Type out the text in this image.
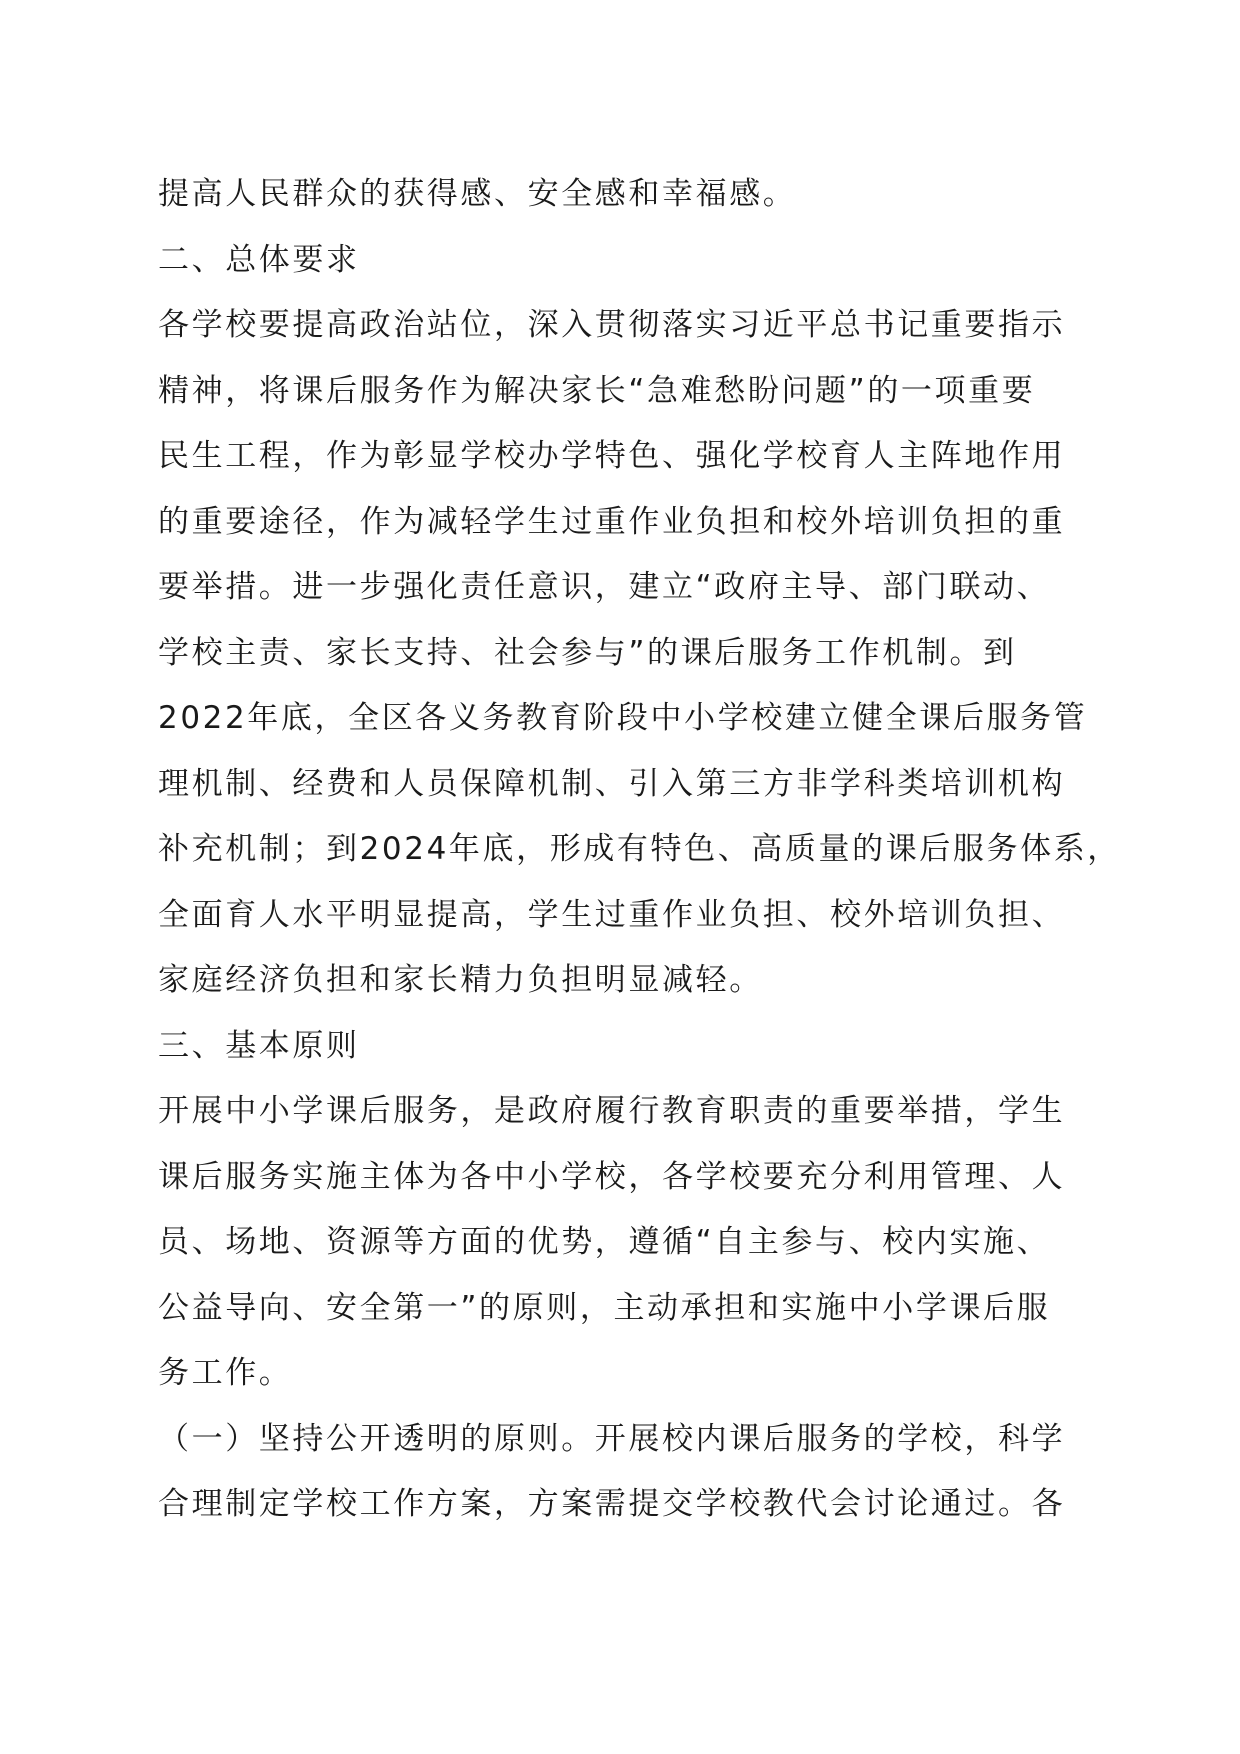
提高人民群众的获得感、安全感和幸福感。
二、总体要求
各学校要提高政治站位，深入贯彻落实习近平总书记重要指示
精神，将课后服务作为解决家长“急难愁盼问题”的一项重要
民生工程，作为彰显学校办学特色、强化学校育人主阵地作用
的重要途径，作为减轻学生过重作业负担和校外培训负担的重
要举措。进一步强化责任意识，建立“政府主导、部门联动、
学校主责、家长支持、社会参与”的课后服务工作机制。到
2022年底，全区各义务教育阶段中小学校建立健全课后服务管
理机制、经费和人员保障机制、引入第三方非学科类培训机构
补充机制；到2024年底，形成有特色、高质量的课后服务体系，
全面育人水平明显提高，学生过重作业负担、校外培训负担、
家庭经济负担和家长精力负担明显减轻。
三、基本原则
开展中小学课后服务，是政府履行教育职责的重要举措，学生
课后服务实施主体为各中小学校，各学校要充分利用管理、人
员、场地、资源等方面的优势，遵循“自主参与、校内实施、
公益导向、安全第一”的原则，主动承担和实施中小学课后服
务工作。
（一）坚持公开透明的原则。开展校内课后服务的学校，科学
合理制定学校工作方案，方案需提交学校教代会讨论通过。各
